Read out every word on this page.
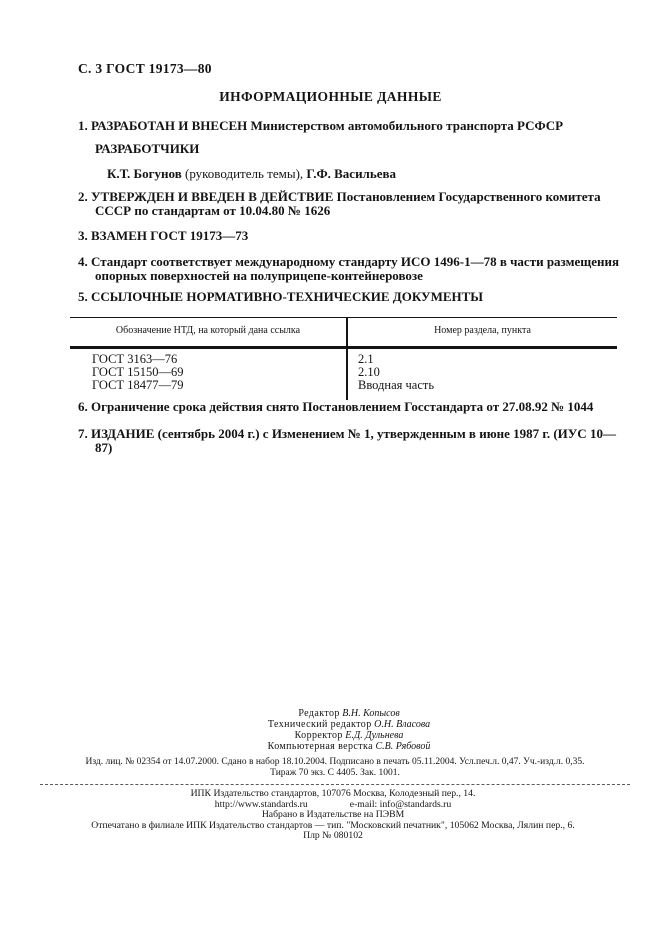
С. 3 ГОСТ 19173—80
ИНФОРМАЦИОННЫЕ ДАННЫЕ

1. РАЗРАБОТАН И ВНЕСЕН Министерством автомобильного транспорта РСФСР

РАЗРАБОТЧИКИ

К.Т. Богунов (руководитель темы), Г.Ф. Васильева

2. УТВЕРЖДЕН И ВВЕДЕН В ДЕЙСТВИЕ Постановлением Государственного комитета СССР по стандартам от 10.04.80 № 1626

3. ВЗАМЕН ГОСТ 19173—73

4. Стандарт соответствует международному стандарту ИСО 1496-1—78 в части размещения опорных поверхностей на полуприцепе-контейнеровозе

5. ССЫЛОЧНЫЕ НОРМАТИВНО-ТЕХНИЧЕСКИЕ ДОКУМЕНТЫ

Обозначение НТД, на который дана ссылка	Номер раздела, пункта
ГОСТ 3163—76	2.1
ГОСТ 15150—69	2.10
ГОСТ 18477—79	Вводная часть

6. Ограничение срока действия снято Постановлением Госстандарта от 27.08.92 № 1044

7. ИЗДАНИЕ (сентябрь 2004 г.) с Изменением № 1, утвержденным в июне 1987 г. (ИУС 10—87)

Редактор В.Н. Копысов
Технический редактор О.Н. Власова
Корректор Е.Д. Дульнева
Компьютерная верстка С.В. Рябовой
Изд. лиц. № 02354 от 14.07.2000. Сдано в набор 18.10.2004. Подписано в печать 05.11.2004. Усл.печ.л. 0,47. Уч.-изд.л. 0,35.
Тираж 70 экз. С 4405. Зак. 1001.
ИПК Издательство стандартов, 107076 Москва, Колодезный пер., 14.
http://www.standards.ru	e-mail: info@standards.ru
Набрано в Издательстве на ПЭВМ
Отпечатано в филиале ИПК Издательство стандартов — тип. "Московский печатник", 105062 Москва, Лялин пер., 6.
Плр № 080102
